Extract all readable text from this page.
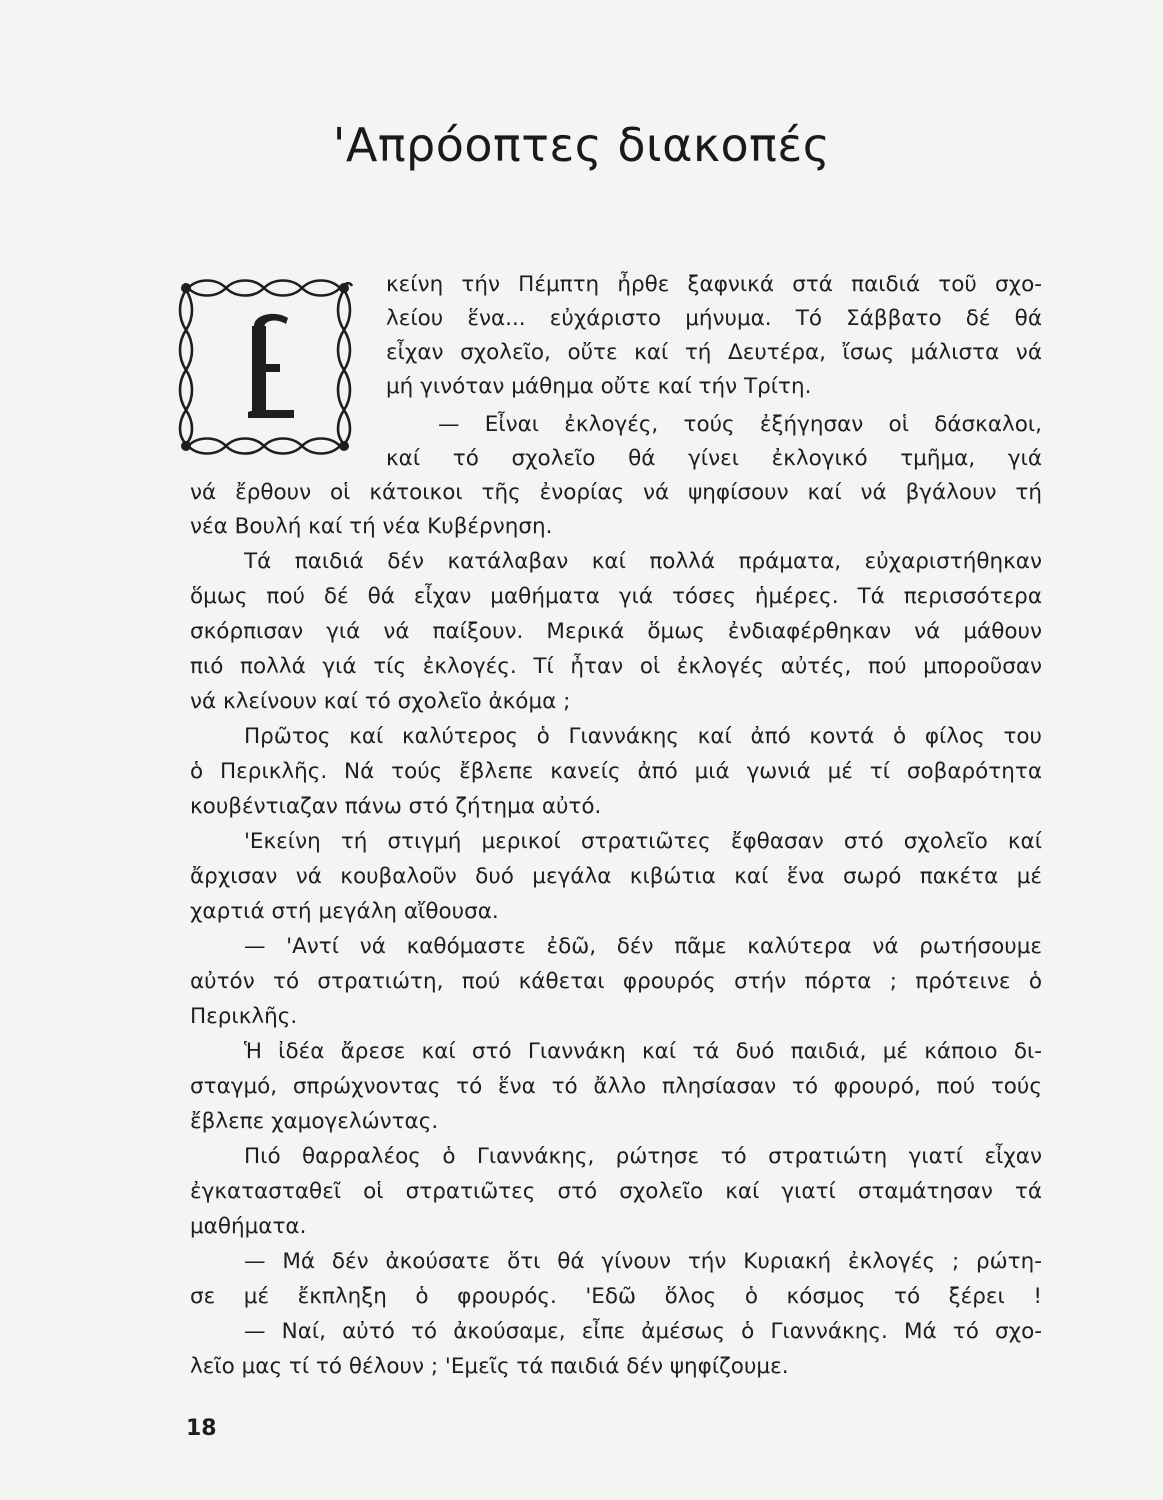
'Απρόοπτες διακοπές
κείνη τήν Πέμπτη ἦρθε ξαφνικά στά παιδιά τοῦ σχο-
λείου ἕνα... εὐχάριστο μήνυμα. Τό Σάββατο δέ θά
εἶχαν σχολεῖο, οὔτε καί τή Δευτέρα, ἴσως μάλιστα νά
μή γινόταν μάθημα οὔτε καί τήν Τρίτη.
— Εἶναι ἐκλογές, τούς ἐξήγησαν οἱ δάσκαλοι,
καί τό σχολεῖο θά γίνει ἐκλογικό τμῆμα, γιά
νά ἔρθουν οἱ κάτοικοι τῆς ἐνορίας νά ψηφίσουν καί νά βγάλουν τή
νέα Βουλή καί τή νέα Κυβέρνηση.
Τά παιδιά δέν κατάλαβαν καί πολλά πράματα, εὐχαριστήθηκαν
ὅμως πού δέ θά εἶχαν μαθήματα γιά τόσες ἡμέρες. Τά περισσότερα
σκόρπισαν γιά νά παίξουν. Μερικά ὅμως ἐνδιαφέρθηκαν νά μάθουν
πιό πολλά γιά τίς ἐκλογές. Τί ἦταν οἱ ἐκλογές αὐτές, πού μποροῦσαν
νά κλείνουν καί τό σχολεῖο ἀκόμα ;
Πρῶτος καί καλύτερος ὁ Γιαννάκης καί ἀπό κοντά ὁ φίλος του
ὁ Περικλῆς. Νά τούς ἔβλεπε κανείς ἀπό μιά γωνιά μέ τί σοβαρότητα
κουβέντιαζαν πάνω στό ζήτημα αὐτό.
'Εκείνη τή στιγμή μερικοί στρατιῶτες ἔφθασαν στό σχολεῖο καί
ἄρχισαν νά κουβαλοῦν δυό μεγάλα κιβώτια καί ἕνα σωρό πακέτα μέ
χαρτιά στή μεγάλη αἴθουσα.
— 'Αντί νά καθόμαστε ἐδῶ, δέν πᾶμε καλύτερα νά ρωτήσουμε
αὐτόν τό στρατιώτη, πού κάθεται φρουρός στήν πόρτα ; πρότεινε ὁ
Περικλῆς.
Ἡ ἰδέα ἄρεσε καί στό Γιαννάκη καί τά δυό παιδιά, μέ κάποιο δι-
σταγμό, σπρώχνοντας τό ἕνα τό ἄλλο πλησίασαν τό φρουρό, πού τούς
ἔβλεπε χαμογελώντας.
Πιό θαρραλέος ὁ Γιαννάκης, ρώτησε τό στρατιώτη γιατί εἶχαν
ἐγκατασταθεῖ οἱ στρατιῶτες στό σχολεῖο καί γιατί σταμάτησαν τά
μαθήματα.
— Μά δέν ἀκούσατε ὅτι θά γίνουν τήν Κυριακή ἐκλογές ; ρώτη-
σε μέ ἔκπληξη ὁ φρουρός. 'Εδῶ ὅλος ὁ κόσμος τό ξέρει !
— Ναί, αὐτό τό ἀκούσαμε, εἶπε ἀμέσως ὁ Γιαννάκης. Μά τό σχο-
λεῖο μας τί τό θέλουν ; 'Εμεῖς τά παιδιά δέν ψηφίζουμε.
18
